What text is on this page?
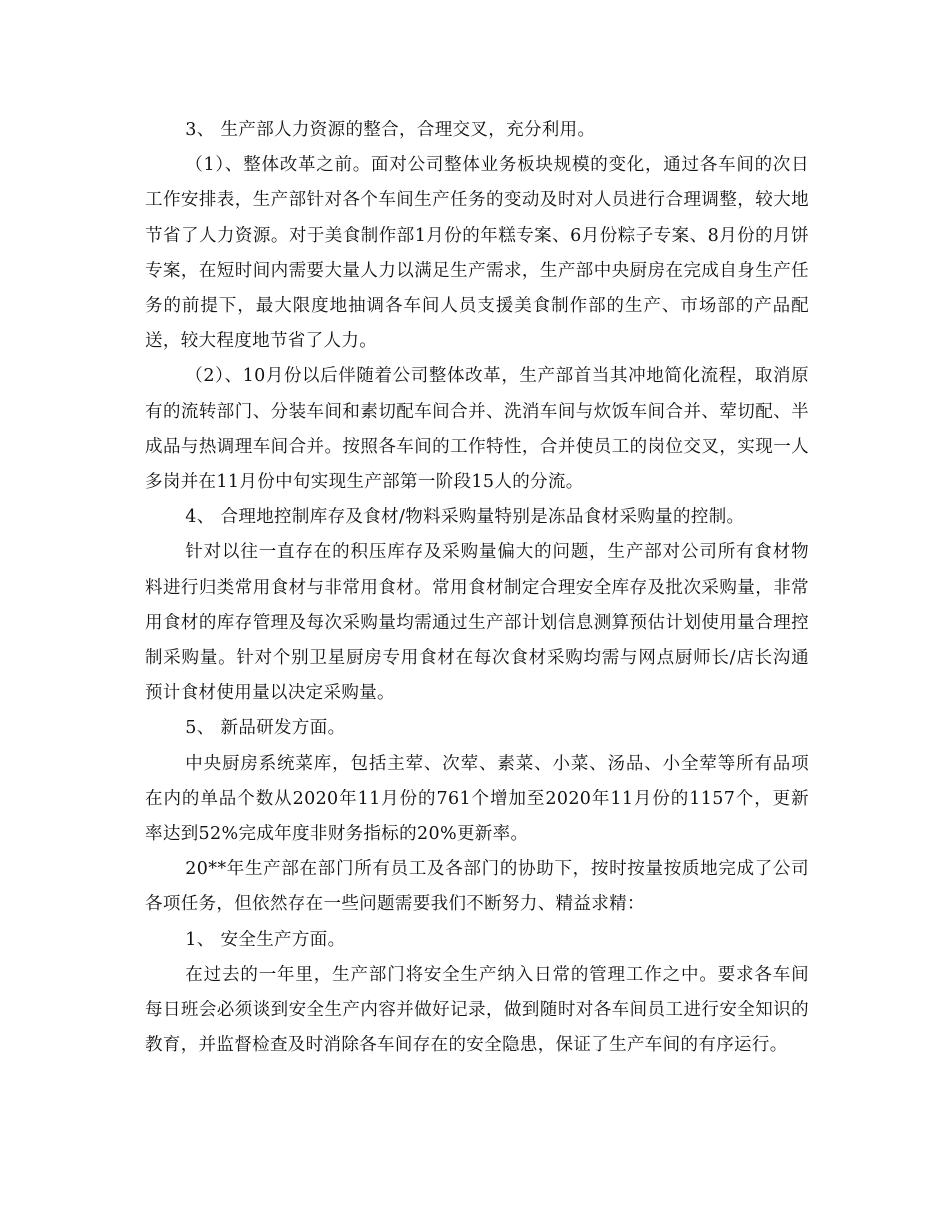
3、 生产部人力资源的整合，合理交叉，充分利用。

（1）、整体改革之前。面对公司整体业务板块规模的变化，通过各车间的次日工作安排表，生产部针对各个车间生产任务的变动及时对人员进行合理调整，较大地节省了人力资源。对于美食制作部1月份的年糕专案、6月份粽子专案、8月份的月饼专案，在短时间内需要大量人力以满足生产需求，生产部中央厨房在完成自身生产任务的前提下，最大限度地抽调各车间人员支援美食制作部的生产、市场部的产品配送，较大程度地节省了人力。

（2）、10月份以后伴随着公司整体改革，生产部首当其冲地简化流程，取消原有的流转部门、分装车间和素切配车间合并、洗消车间与炊饭车间合并、荤切配、半成品与热调理车间合并。按照各车间的工作特性，合并使员工的岗位交叉，实现一人多岗并在11月份中旬实现生产部第一阶段15人的分流。

4、 合理地控制库存及食材/物料采购量特别是冻品食材采购量的控制。

针对以往一直存在的积压库存及采购量偏大的问题，生产部对公司所有食材物料进行归类常用食材与非常用食材。常用食材制定合理安全库存及批次采购量，非常用食材的库存管理及每次采购量均需通过生产部计划信息测算预估计划使用量合理控制采购量。针对个别卫星厨房专用食材在每次食材采购均需与网点厨师长/店长沟通预计食材使用量以决定采购量。

5、 新品研发方面。

中央厨房系统菜库，包括主荤、次荤、素菜、小菜、汤品、小全荤等所有品项在内的单品个数从2020年11月份的761个增加至2020年11月份的1157个，更新率达到52%完成年度非财务指标的20%更新率。

20**年生产部在部门所有员工及各部门的协助下，按时按量按质地完成了公司各项任务，但依然存在一些问题需要我们不断努力、精益求精：

1、 安全生产方面。

在过去的一年里，生产部门将安全生产纳入日常的管理工作之中。要求各车间每日班会必须谈到安全生产内容并做好记录，做到随时对各车间员工进行安全知识的教育，并监督检查及时消除各车间存在的安全隐患，保证了生产车间的有序运行。
